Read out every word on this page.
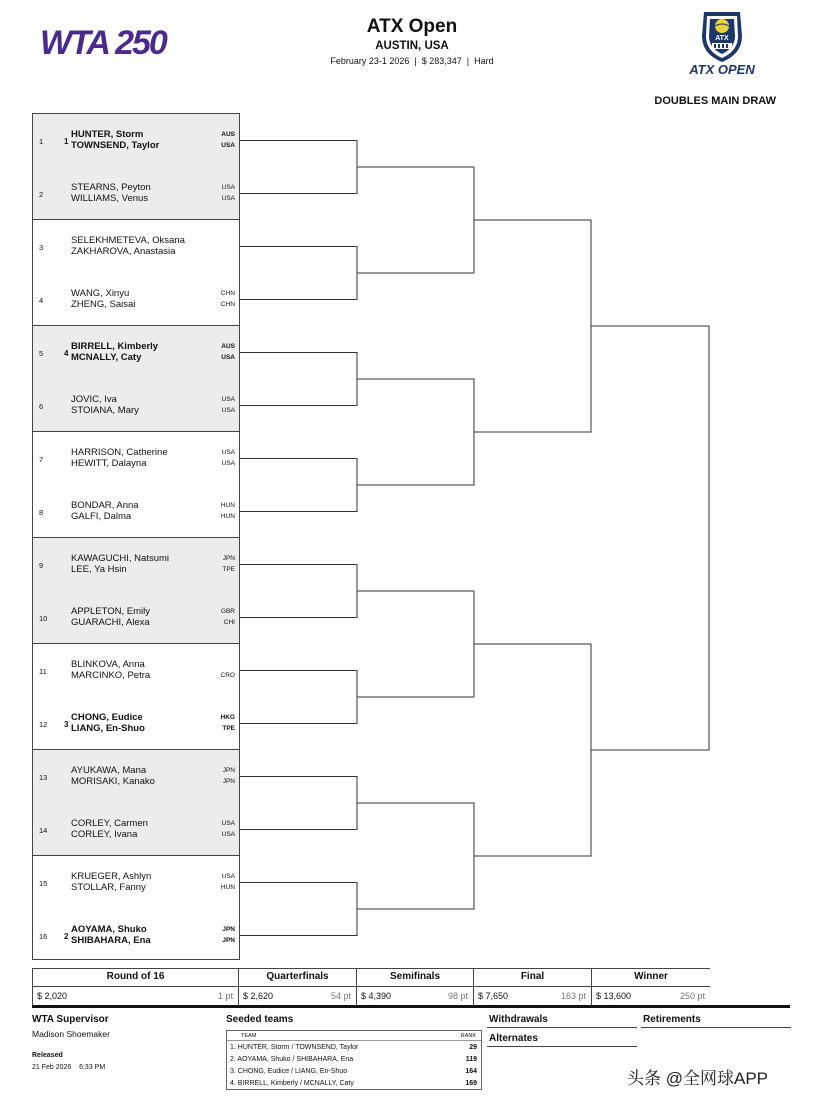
WTA 250	ATX Open
AUSTIN, USA
February 23-1 2026  |  $ 283,347  |  Hard
ATX
ATX OPEN
DOUBLES MAIN DRAW
1	1
HUNTER, Storm
TOWNSEND, Taylor
AUS
USA
2
STEARNS, Peyton
WILLIAMS, Venus
USA
USA
3
SELEKHMETEVA, Oksana
ZAKHAROVA, Anastasia
4
WANG, Xinyu
ZHENG, Saisai
CHN
CHN
5	4
BIRRELL, Kimberly
MCNALLY, Caty
AUS
USA
6
JOVIC, Iva
STOIANA, Mary
USA
USA
7
HARRISON, Catherine
HEWITT, Dalayna
USA
USA
8
BONDAR, Anna
GALFI, Dalma
HUN
HUN
9
KAWAGUCHI, Natsumi
LEE, Ya Hsin
JPN
TPE
10
APPLETON, Emily
GUARACHI, Alexa
GBR
CHI
11
BLINKOVA, Anna
MARCINKO, Petra	CRO
12 3
CHONG, Eudice
LIANG, En-Shuo
HKG
TPE
13
AYUKAWA, Mana
MORISAKI, Kanako
JPN
JPN
14
CORLEY, Carmen
CORLEY, Ivana
USA
USA
15
KRUEGER, Ashlyn
STOLLAR, Fanny
USA
HUN
16 2
AOYAMA, Shuko
SHIBAHARA, Ena
JPN
JPN
Round of 16
$ 2,020	1 pt
Quarterfinals
$ 2,620	54 pt
Semifinals
$ 4,390	98 pt
Final
$ 7,650	163 pt
Winner
$ 13,600	250 pt
WTA Supervisor
Madison Shoemaker
Released
21 Feb 2026    6:33 PM
Seeded teams
TEAM	RANK
1. HUNTER, Storm / TOWNSEND, Taylor	29
2. AOYAMA, Shuko / SHIBAHARA, Ena	119
3. CHONG, Eudice / LIANG, En-Shuo	164
4. BIRRELL, Kimberly / MCNALLY, Caty	169
Withdrawals
Alternates
Retirements
头条 @全网球APP
